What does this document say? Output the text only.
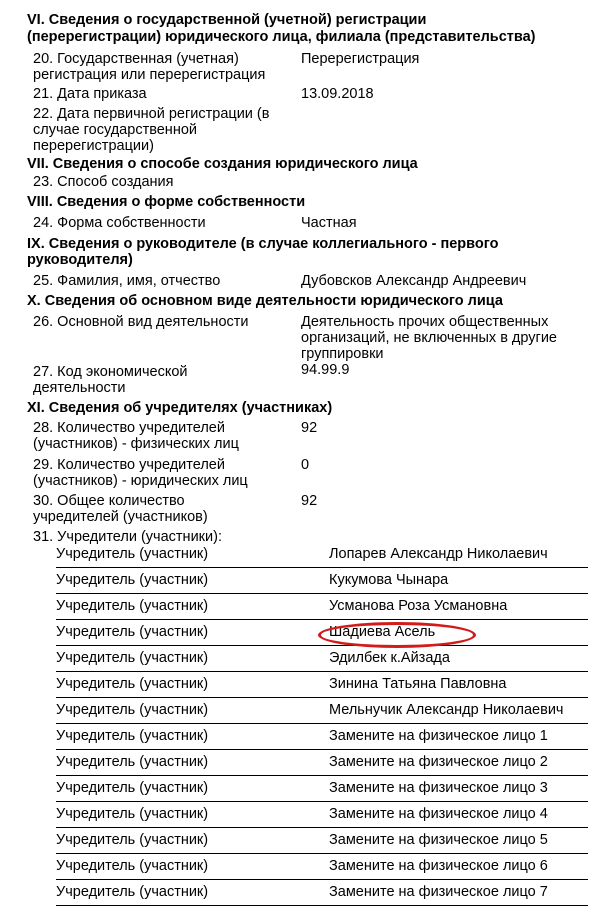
VI. Сведения о государственной (учетной) регистрации
(перерегистрации) юридического лица, филиала (представительства)
20. Государственная (учетная)
регистрация или перерегистрация
Перерегистрация
21. Дата приказа	13.09.2018
22. Дата первичной регистрации (в
случае государственной
перерегистрации)
VII. Сведения о способе создания юридического лица
23. Способ создания
VIII. Сведения о форме собственности
24. Форма собственности	Частная
IX. Сведения о руководителе (в случае коллегиального - первого
руководителя)
25. Фамилия, имя, отчество	Дубовсков Александр Андреевич
X. Сведения об основном виде деятельности юридического лица
26. Основной вид деятельности	Деятельность прочих общественных
организаций, не включенных в другие
группировки
27. Код экономической
деятельности
94.99.9
XI. Сведения об учредителях (участниках)
28. Количество учредителей
(участников) - физических лиц
92
29. Количество учредителей
(участников) - юридических лиц
0
30. Общее количество
учредителей (участников)
92
31. Учредители (участники):
Учредитель (участник)	Лопарев Александр Николаевич
Учредитель (участник)	Кукумова Чынара
Учредитель (участник)	Усманова Роза Усмановна
Учредитель (участник)	Шадиева Асель
Учредитель (участник)	Эдилбек к.Айзада
Учредитель (участник)	Зинина Татьяна Павловна
Учредитель (участник)	Мельнучик Александр Николаевич
Учредитель (участник)	Замените на физическое лицо 1
Учредитель (участник)	Замените на физическое лицо 2
Учредитель (участник)	Замените на физическое лицо 3
Учредитель (участник)	Замените на физическое лицо 4
Учредитель (участник)	Замените на физическое лицо 5
Учредитель (участник)	Замените на физическое лицо 6
Учредитель (участник)	Замените на физическое лицо 7
